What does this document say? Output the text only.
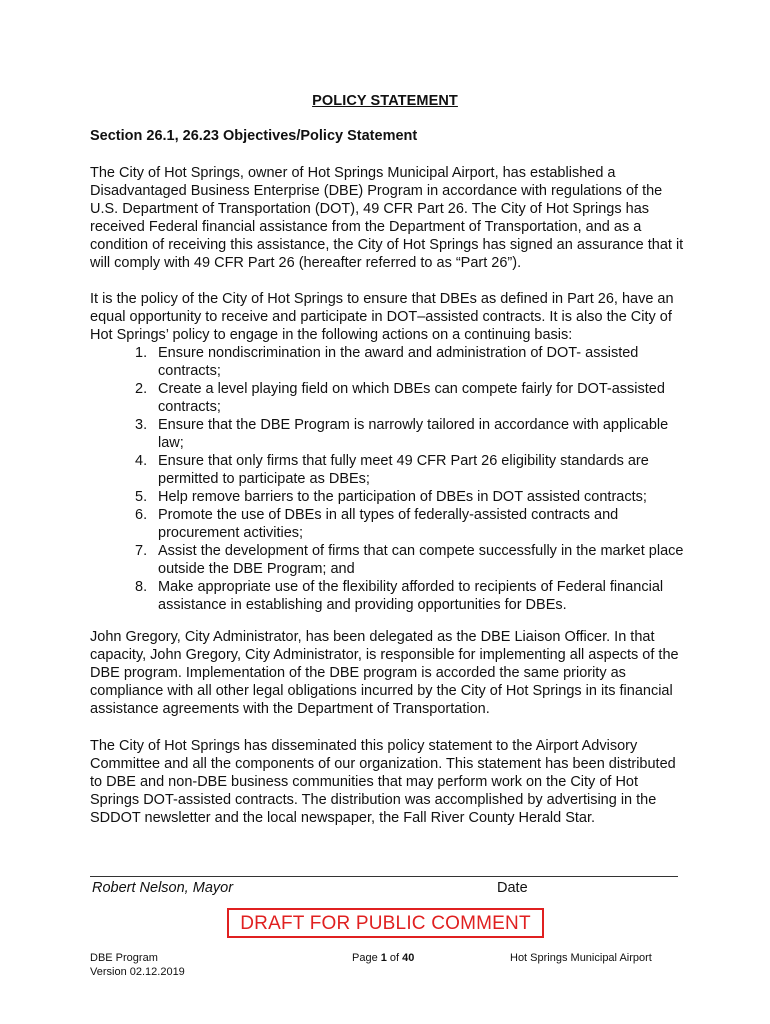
POLICY STATEMENT
Section 26.1, 26.23 Objectives/Policy Statement

The City of Hot Springs, owner of Hot Springs Municipal Airport, has established a Disadvantaged Business Enterprise (DBE) Program in accordance with regulations of the U.S. Department of Transportation (DOT), 49 CFR Part 26. The City of Hot Springs has received Federal financial assistance from the Department of Transportation, and as a condition of receiving this assistance, the City of Hot Springs has signed an assurance that it will comply with 49 CFR Part 26 (hereafter referred to as “Part 26”).

It is the policy of the City of Hot Springs to ensure that DBEs as defined in Part 26, have an equal opportunity to receive and participate in DOT–assisted contracts. It is also the City of Hot Springs’ policy to engage in the following actions on a continuing basis:

1. Ensure nondiscrimination in the award and administration of DOT- assisted contracts;
2. Create a level playing field on which DBEs can compete fairly for DOT-assisted contracts;
3. Ensure that the DBE Program is narrowly tailored in accordance with applicable law;
4. Ensure that only firms that fully meet 49 CFR Part 26 eligibility standards are permitted to participate as DBEs;
5. Help remove barriers to the participation of DBEs in DOT assisted contracts;
6. Promote the use of DBEs in all types of federally-assisted contracts and procurement activities;
7. Assist the development of firms that can compete successfully in the market place outside the DBE Program; and
8. Make appropriate use of the flexibility afforded to recipients of Federal financial assistance in establishing and providing opportunities for DBEs.

John Gregory, City Administrator, has been delegated as the DBE Liaison Officer. In that capacity, John Gregory, City Administrator, is responsible for implementing all aspects of the DBE program. Implementation of the DBE program is accorded the same priority as compliance with all other legal obligations incurred by the City of Hot Springs in its financial assistance agreements with the Department of Transportation.

The City of Hot Springs has disseminated this policy statement to the Airport Advisory Committee and all the components of our organization. This statement has been distributed to DBE and non-DBE business communities that may perform work on the City of Hot Springs DOT-assisted contracts. The distribution was accomplished by advertising in the SDDOT newsletter and the local newspaper, the Fall River County Herald Star.

Robert Nelson, Mayor	Date
DRAFT FOR PUBLIC COMMENT
DBE Program
Version 02.12.2019
Page 1 of 40	Hot Springs Municipal Airport
